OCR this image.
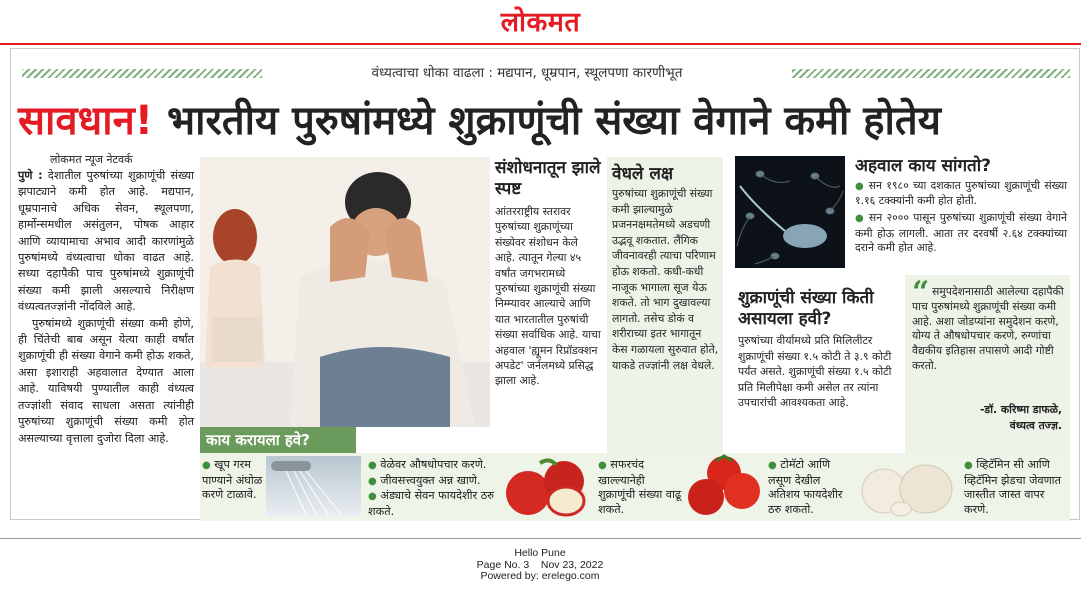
लोकमत
वंध्यत्वाचा धोका वाढला : मद्यपान, धूम्रपान, स्थूलपणा कारणीभूत
सावधान! भारतीय पुरुषांमध्ये शुक्राणूंची संख्या वेगाने कमी होतेय
लोकमत न्यूज नेटवर्क

पुणे : देशातील पुरुषांच्या शुक्राणूंची संख्या झपाट्याने कमी होत आहे. मद्यपान, धूम्रपानाचे अधिक सेवन, स्थूलपणा, हार्मोन्समधील असंतुलन, पोषक आहार आणि व्यायामाचा अभाव आदी कारणांमुळे पुरुषांमध्ये वंध्यत्वाचा धोका वाढत आहे. सध्या दहापैकी पाच पुरुषांमध्ये शुक्राणूंची संख्या कमी झाली असल्याचे निरीक्षण वंध्यत्वतज्ज्ञांनी नोंदविले आहे.

पुरुषांमध्ये शुक्राणूंची संख्या कमी होणे, ही चिंतेची बाब असून येत्या काही वर्षांत शुक्राणूंची ही संख्या वेगाने कमी होऊ शकते, असा इशाराही अहवालात देण्यात आला आहे. याविषयी पुण्यातील काही वंध्यत्व तज्ज्ञांशी संवाद साधला असता त्यांनीही पुरुषांच्या शुक्राणूंची संख्या कमी होत असल्याच्या वृत्ताला दुजोरा दिला आहे.

संशोधनातून झाले स्पष्ट
आंतरराष्ट्रीय स्तरावर पुरुषांच्या शुक्राणूंच्या संख्येवर संशोधन केले आहे. त्यातून गेल्या ४५ वर्षांत जगभरामध्ये पुरुषांच्या शुक्राणूंची संख्या निम्म्यावर आल्याचे आणि यात भारतातील पुरुषांची संख्या सर्वाधिक आहे. याचा अहवाल 'ह्यूमन रिप्रॉडक्शन अपडेट' जर्नलमध्ये प्रसिद्ध झाला आहे.
वेधले लक्ष
पुरुषांच्या शुक्राणूंची संख्या कमी झाल्यामुळे प्रजननक्षमतेमध्ये अडचणी उद्भवू शकतात. लैंगिक जीवनावरही त्याचा परिणाम होऊ शकतो. कधी-कधी नाजूक भागाला सूज येऊ शकते. तो भाग दुखावल्या लागतो. तसेच डोकं व शरीराच्या इतर भागातून केस गळायला सुरुवात होते, याकडे तज्ज्ञांनी लक्ष वेधले.
अहवाल काय सांगतो?

● सन १९८० च्या दशकात पुरुषांच्या शुक्राणूंची संख्या १.१६ टक्क्यांनी कमी होत होती.

● सन २००० पासून पुरुषांच्या शुक्राणूंची संख्या वेगाने कमी होऊ लागली. आता तर दरवर्षी २.६४ टक्क्यांच्या दराने कमी होत आहे.

शुक्राणूंची संख्या किती असायला हवी?
पुरुषांच्या वीर्यामध्ये प्रति मिलिलीटर शुक्राणूंची संख्या १.५ कोटी ते ३.९ कोटी पर्यंत असते. शुक्राणूंची संख्या १.५ कोटी प्रति मिलीपेक्षा कमी असेल तर त्यांना उपचारांची आवश्यकता आहे.
“ समुपदेशनासाठी आलेल्या दहापैकी पाच पुरुषांमध्ये शुक्राणूंची संख्या कमी आहे. अशा जोडप्यांना समुदेशन करणे, योग्य ते औषधोपचार करणे, रुग्णांचा वैद्यकीय इतिहास तपासणे आदी गोष्टी करतो.
-डॉ. करिष्मा डाफळे,
वंध्यत्व तज्ज्ञ.
काय करायला हवे?
● खूप गरम पाण्याने अंघोळ करणे टाळावे.
● वेळेवर औषधोपचार करणे.
● जीवसत्त्वयुक्त अन्न खाणे.
● अंड्याचे सेवन फायदेशीर ठरु शकते.
● सफरचंद खाल्ल्यानेही शुक्राणूंची संख्या वाढू शकते.
● टोमॅटो आणि लसूण देखील अतिशय फायदेशीर ठरु शकतो.
● व्हिटॅमिन सी आणि व्हिटॅमिन झेडचा जेवणात जास्तीत जास्त वापर करणे.
Hello Pune
Page No. 3    Nov 23, 2022
Powered by: erelego.com
